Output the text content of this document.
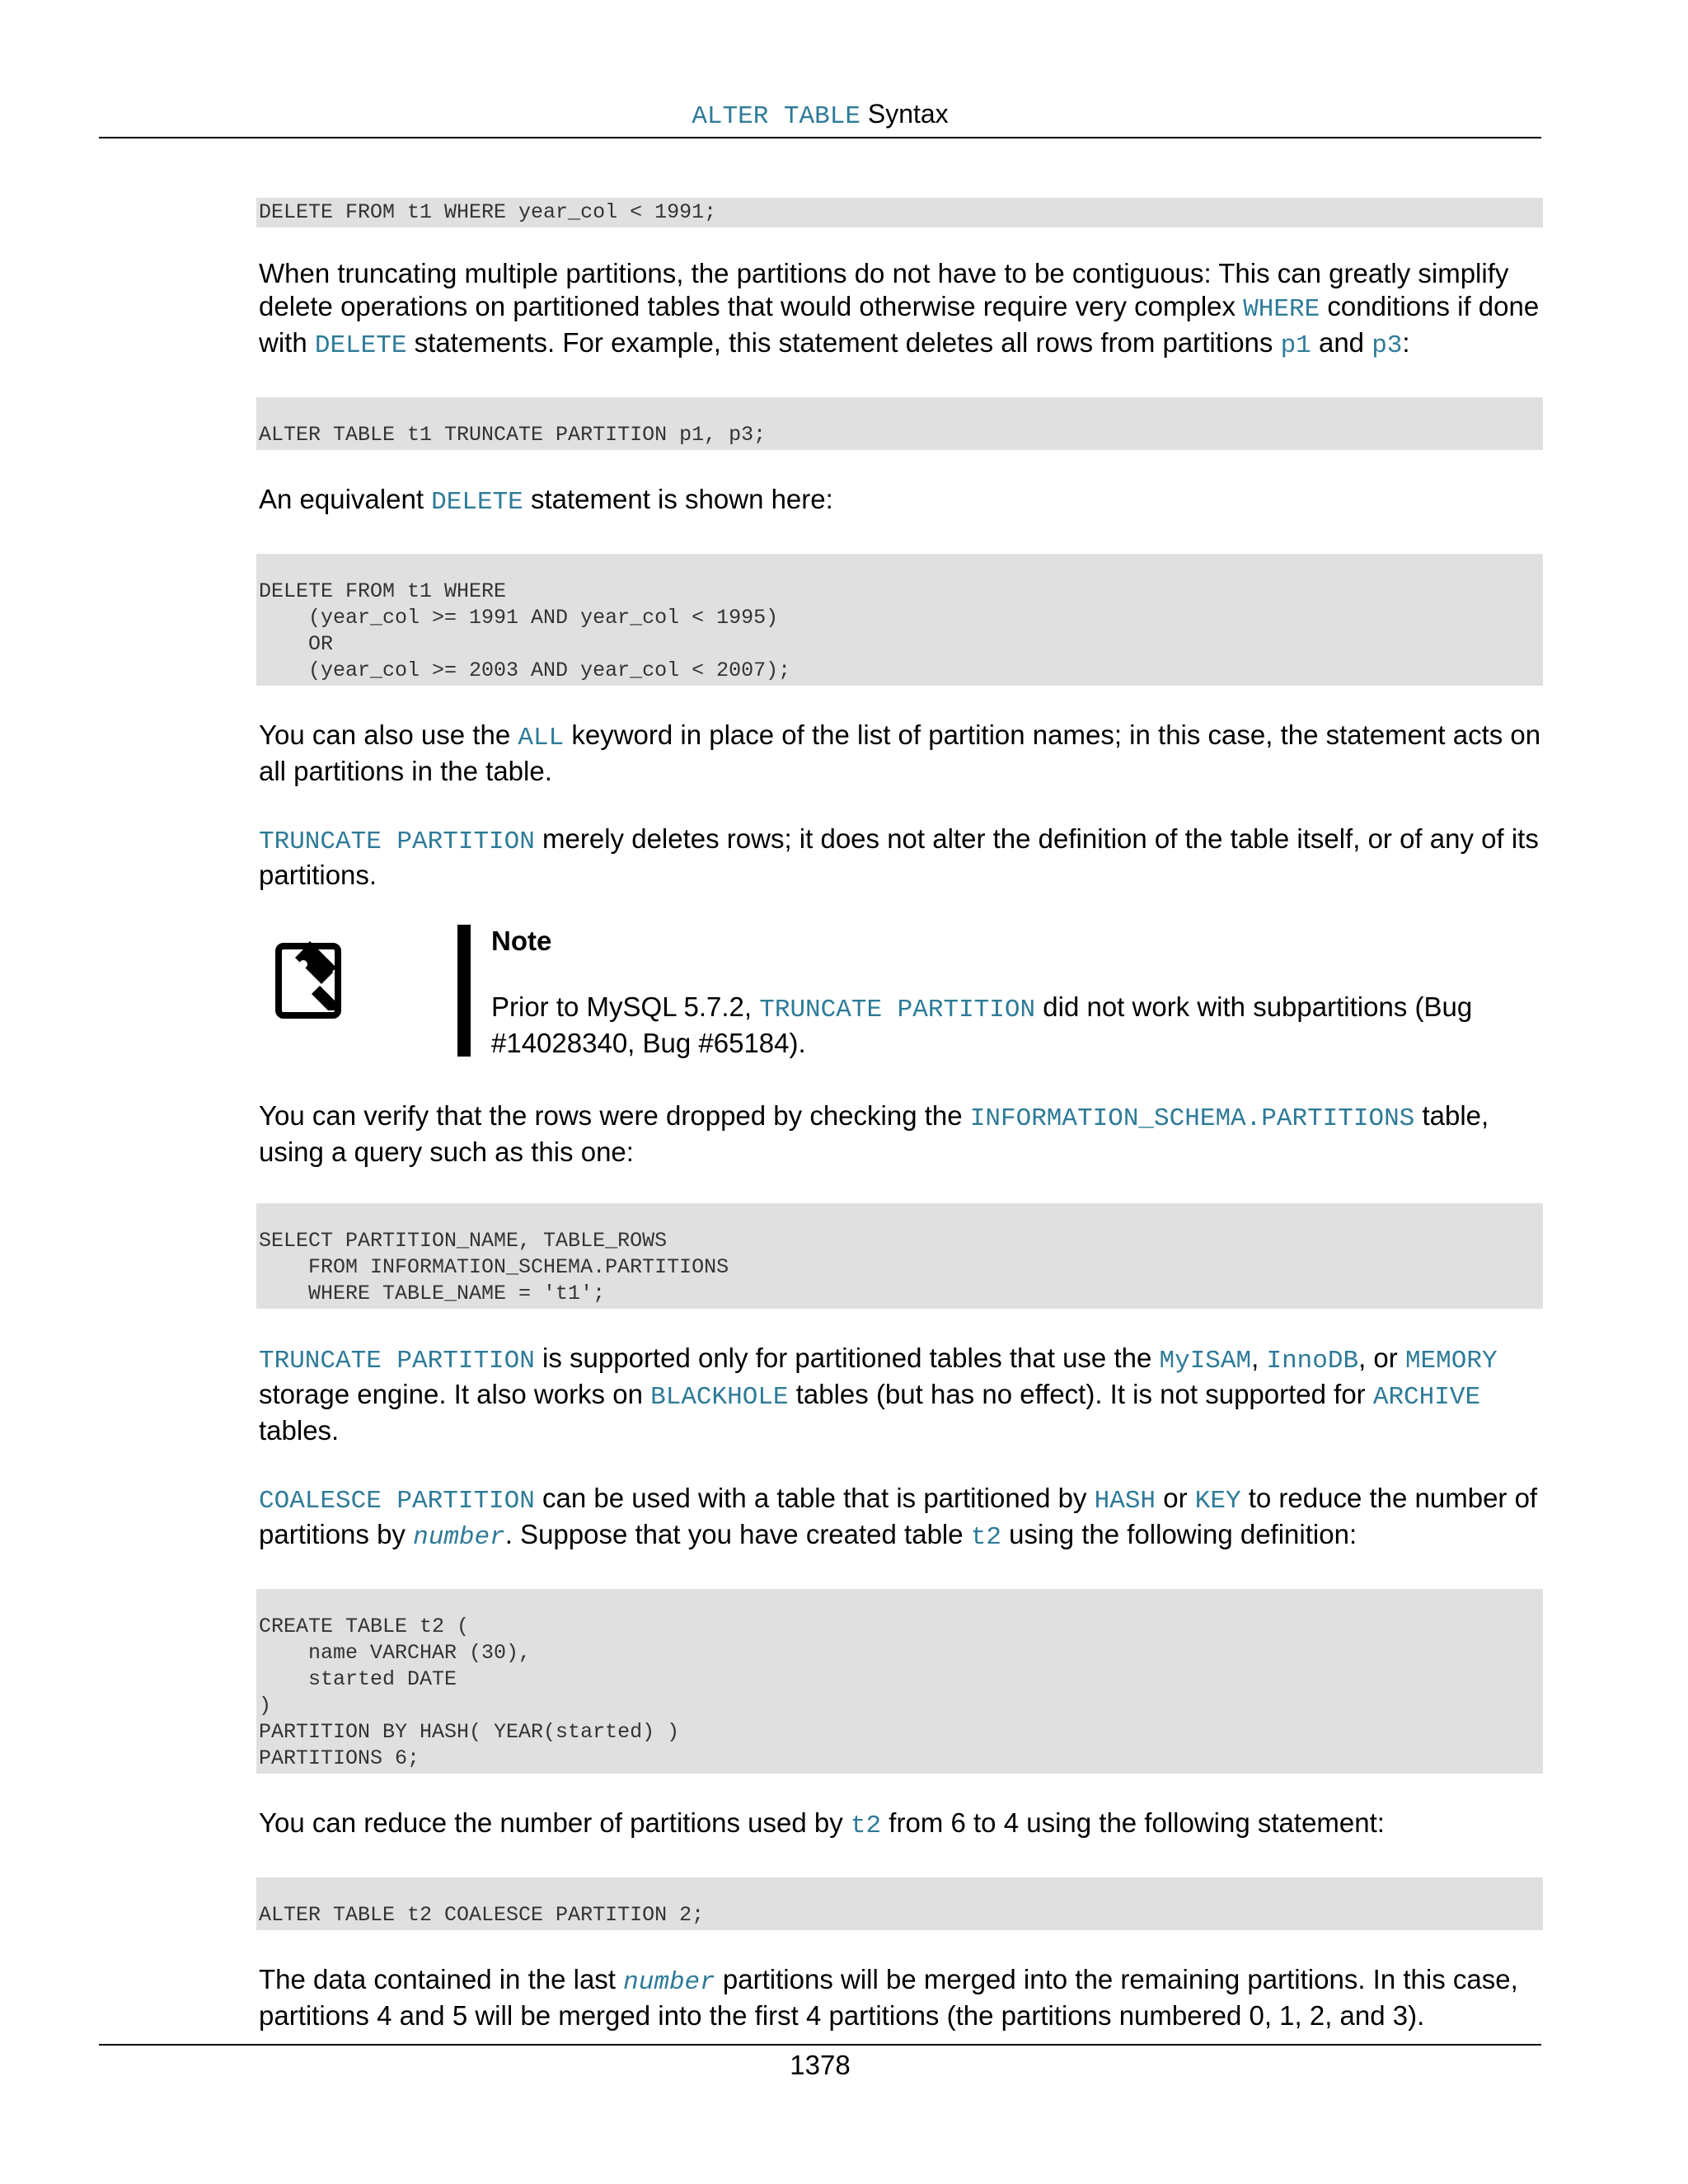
ALTER TABLE Syntax
DELETE FROM t1 WHERE year_col < 1991;

When truncating multiple partitions, the partitions do not have to be contiguous: This can greatly simplify delete operations on partitioned tables that would otherwise require very complex WHERE conditions if done with DELETE statements. For example, this statement deletes all rows from partitions p1 and p3:

ALTER TABLE t1 TRUNCATE PARTITION p1, p3;

An equivalent DELETE statement is shown here:

DELETE FROM t1 WHERE
(year_col >= 1991 AND year_col < 1995)
OR
(year_col >= 2003 AND year_col < 2007);

You can also use the ALL keyword in place of the list of partition names; in this case, the statement acts on all partitions in the table.

TRUNCATE PARTITION merely deletes rows; it does not alter the definition of the table itself, or of any of its partitions.

Note
Prior to MySQL 5.7.2, TRUNCATE PARTITION did not work with subpartitions (Bug #14028340, Bug #65184).

You can verify that the rows were dropped by checking the INFORMATION_SCHEMA.PARTITIONS table, using a query such as this one:

SELECT PARTITION_NAME, TABLE_ROWS
FROM INFORMATION_SCHEMA.PARTITIONS
WHERE TABLE_NAME = 't1';

TRUNCATE PARTITION is supported only for partitioned tables that use the MyISAM, InnoDB, or MEMORY storage engine. It also works on BLACKHOLE tables (but has no effect). It is not supported for ARCHIVE tables.

COALESCE PARTITION can be used with a table that is partitioned by HASH or KEY to reduce the number of partitions by number. Suppose that you have created table t2 using the following definition:

CREATE TABLE t2 (
name VARCHAR (30),
started DATE
)
PARTITION BY HASH( YEAR(started) )
PARTITIONS 6;

You can reduce the number of partitions used by t2 from 6 to 4 using the following statement:

ALTER TABLE t2 COALESCE PARTITION 2;

The data contained in the last number partitions will be merged into the remaining partitions. In this case, partitions 4 and 5 will be merged into the first 4 partitions (the partitions numbered 0, 1, 2, and 3).

1378
